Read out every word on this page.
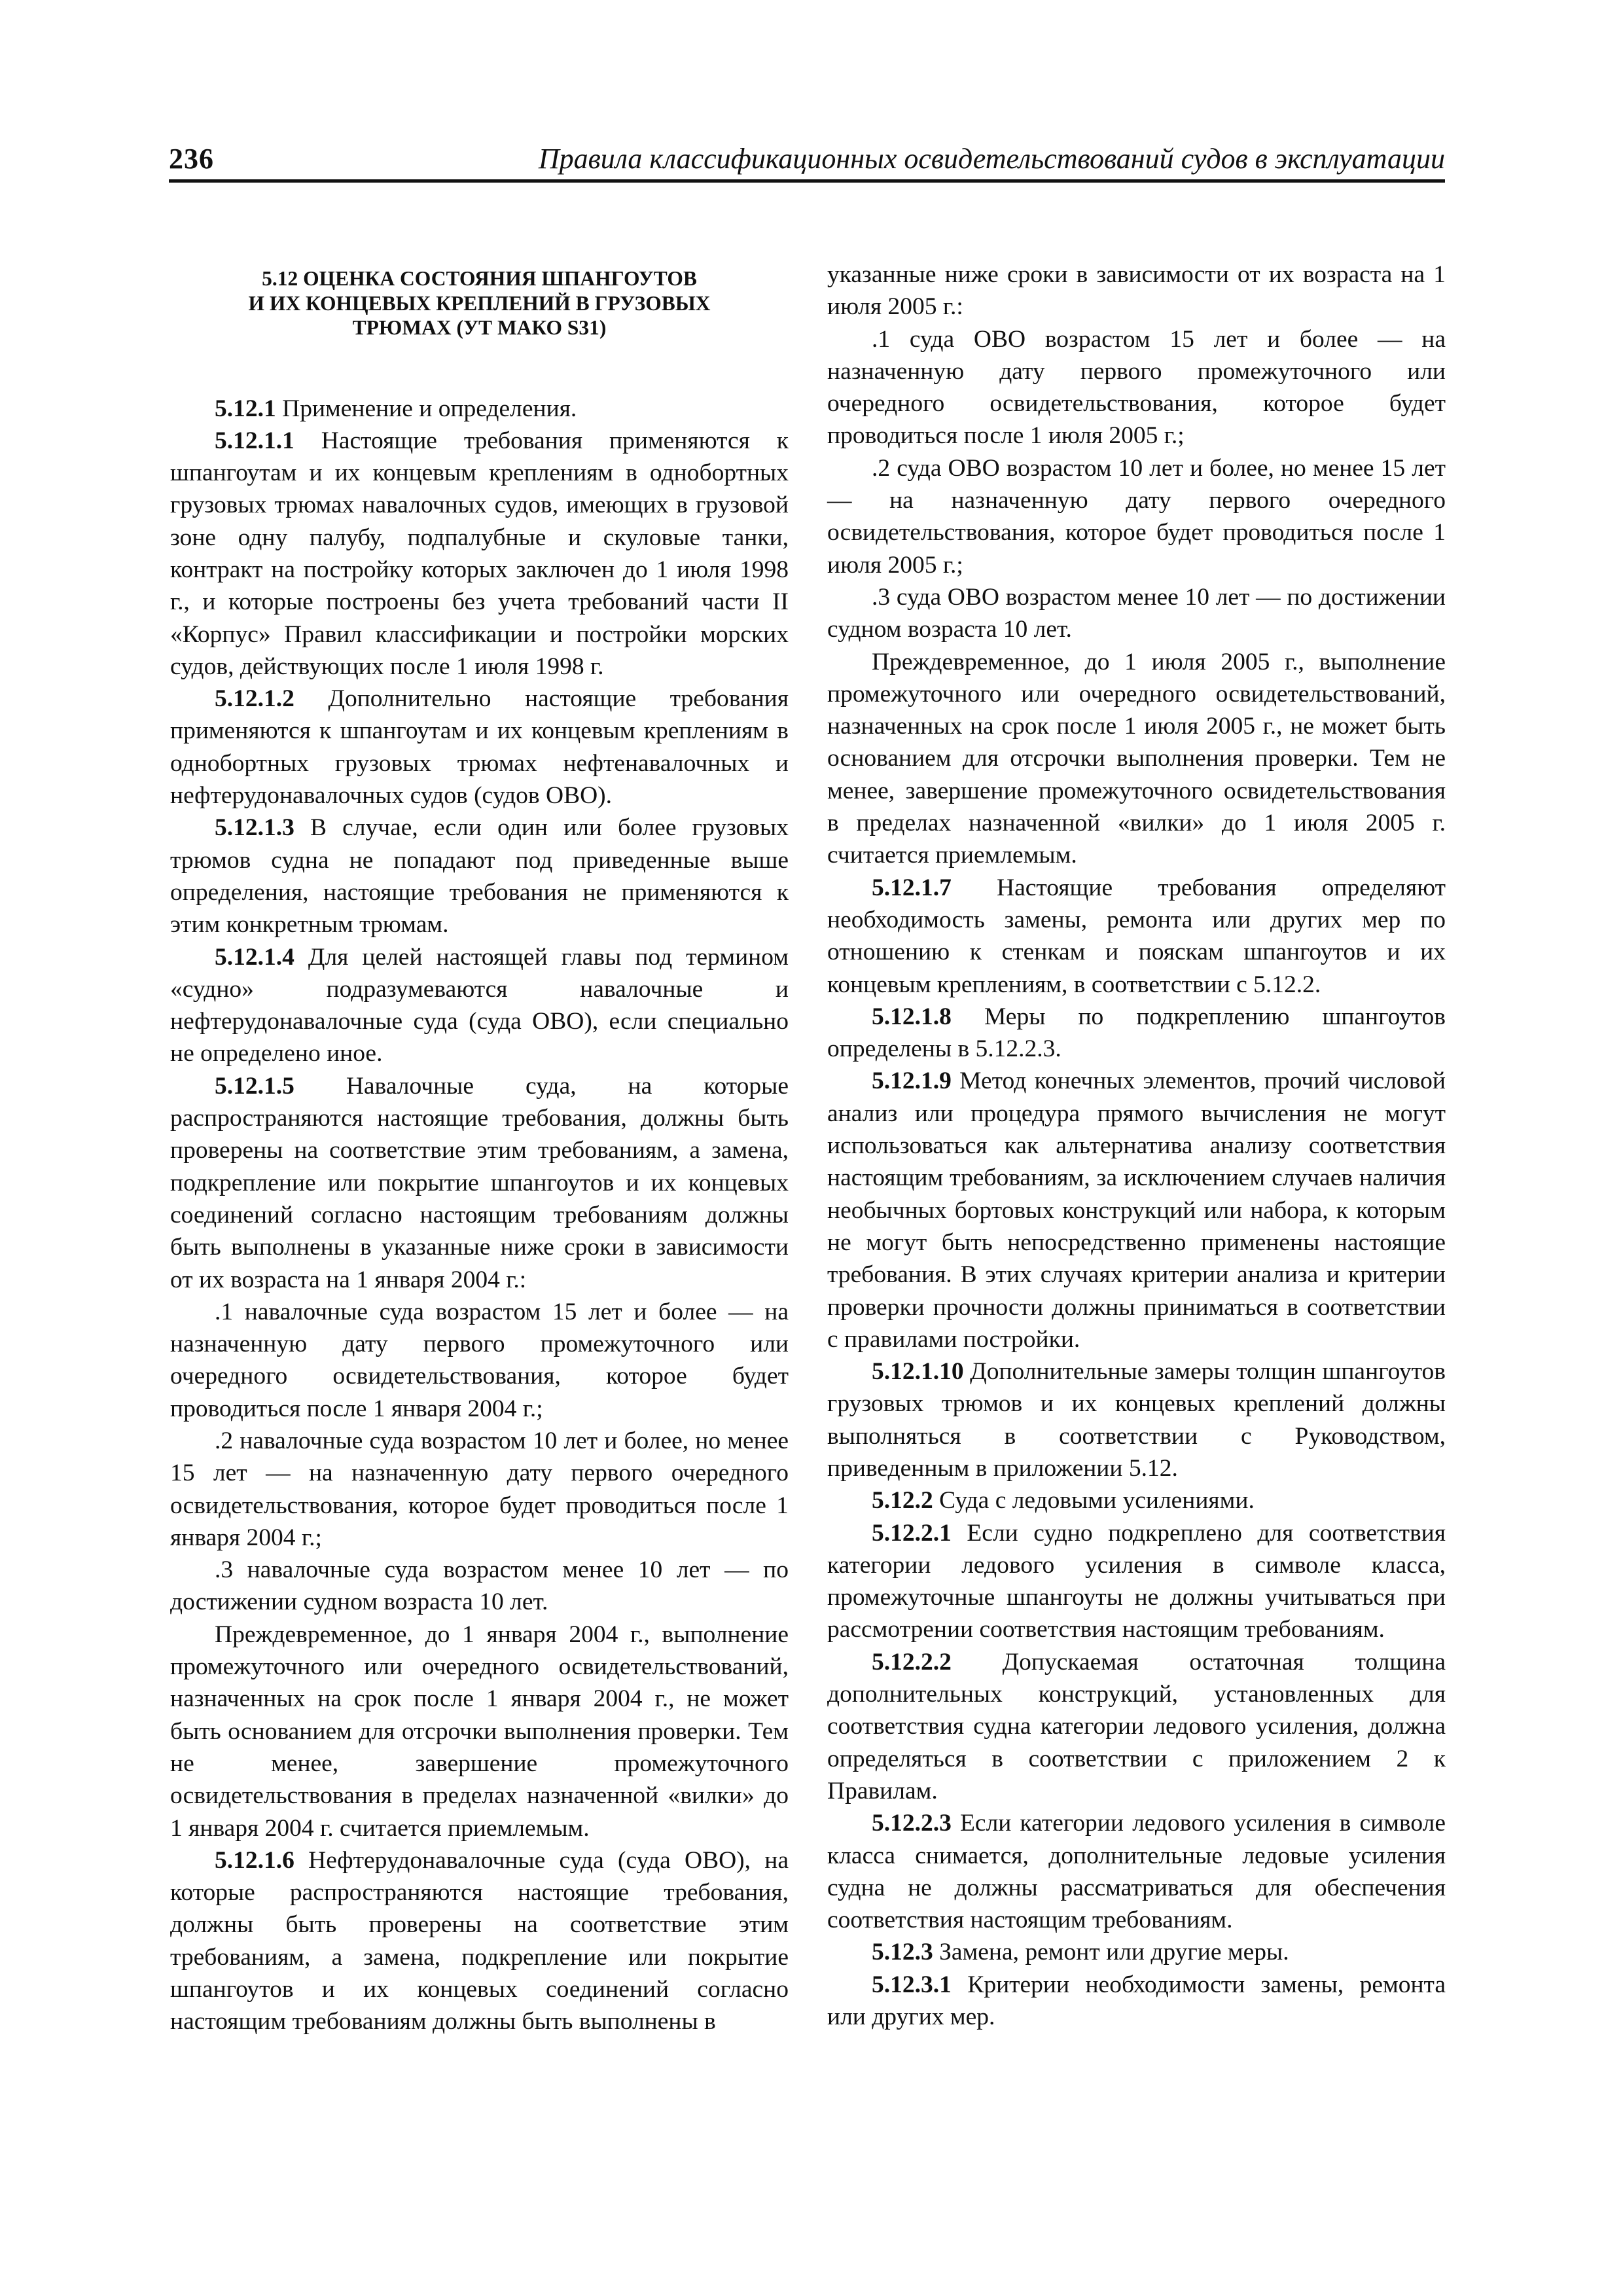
236	Правила классификационных освидетельствований судов в эксплуатации

5.12 ОЦЕНКА СОСТОЯНИЯ ШПАНГОУТОВ
И ИХ КОНЦЕВЫХ КРЕПЛЕНИЙ В ГРУЗОВЫХ
ТРЮМАХ (УТ МАКО S31)

5.12.1 Применение и определения.

5.12.1.1 Настоящие требования применяются к шпангоутам и их концевым креплениям в однобортных грузовых трюмах навалочных судов, имеющих в грузовой зоне одну палубу, подпалубные и скуловые танки, контракт на постройку которых заключен до 1 июля 1998 г., и которые построены без учета требований части II «Корпус» Правил классификации и постройки морских судов, действующих после 1 июля 1998 г.

5.12.1.2 Дополнительно настоящие требования применяются к шпангоутам и их концевым креплениям в однобортных грузовых трюмах нефтенавалочных и нефтерудонавалочных судов (судов OBO).

5.12.1.3 В случае, если один или более грузовых трюмов судна не попадают под приведенные выше определения, настоящие требования не применяются к этим конкретным трюмам.

5.12.1.4 Для целей настоящей главы под термином «судно» подразумеваются навалочные и нефтерудонавалочные суда (суда OBO), если специально не определено иное.

5.12.1.5 Навалочные суда, на которые распространяются настоящие требования, должны быть проверены на соответствие этим требованиям, а замена, подкрепление или покрытие шпангоутов и их концевых соединений согласно настоящим требованиям должны быть выполнены в указанные ниже сроки в зависимости от их возраста на 1 января 2004 г.:

.1 навалочные суда возрастом 15 лет и более — на назначенную дату первого промежуточного или очередного освидетельствования, которое будет проводиться после 1 января 2004 г.;

.2 навалочные суда возрастом 10 лет и более, но менее 15 лет — на назначенную дату первого очередного освидетельствования, которое будет проводиться после 1 января 2004 г.;

.3 навалочные суда возрастом менее 10 лет — по достижении судном возраста 10 лет.

Преждевременное, до 1 января 2004 г., выполнение промежуточного или очередного освидетельствований, назначенных на срок после 1 января 2004 г., не может быть основанием для отсрочки выполнения проверки. Тем не менее, завершение промежуточного освидетельствования в пределах назначенной «вилки» до 1 января 2004 г. считается приемлемым.

5.12.1.6 Нефтерудонавалочные суда (суда OBO), на которые распространяются настоящие требования, должны быть проверены на соответствие этим требованиям, а замена, подкрепление или покрытие шпангоутов и их концевых соединений согласно настоящим требованиям должны быть выполнены в

указанные ниже сроки в зависимости от их возраста на 1 июля 2005 г.:

.1 суда OBO возрастом 15 лет и более — на назначенную дату первого промежуточного или очередного освидетельствования, которое будет проводиться после 1 июля 2005 г.;

.2 суда OBO возрастом 10 лет и более, но менее 15 лет — на назначенную дату первого очередного освидетельствования, которое будет проводиться после 1 июля 2005 г.;

.3 суда OBO возрастом менее 10 лет — по достижении судном возраста 10 лет.

Преждевременное, до 1 июля 2005 г., выполнение промежуточного или очередного освидетельствований, назначенных на срок после 1 июля 2005 г., не может быть основанием для отсрочки выполнения проверки. Тем не менее, завершение промежуточного освидетельствования в пределах назначенной «вилки» до 1 июля 2005 г. считается приемлемым.

5.12.1.7 Настоящие требования определяют необходимость замены, ремонта или других мер по отношению к стенкам и пояскам шпангоутов и их концевым креплениям, в соответствии с 5.12.2.

5.12.1.8 Меры по подкреплению шпангоутов определены в 5.12.2.3.

5.12.1.9 Метод конечных элементов, прочий числовой анализ или процедура прямого вычисления не могут использоваться как альтернатива анализу соответствия настоящим требованиям, за исключением случаев наличия необычных бортовых конструкций или набора, к которым не могут быть непосредственно применены настоящие требования. В этих случаях критерии анализа и критерии проверки прочности должны приниматься в соответствии с правилами постройки.

5.12.1.10 Дополнительные замеры толщин шпангоутов грузовых трюмов и их концевых креплений должны выполняться в соответствии с Руководством, приведенным в приложении 5.12.

5.12.2 Суда с ледовыми усилениями.

5.12.2.1 Если судно подкреплено для соответствия категории ледового усиления в символе класса, промежуточные шпангоуты не должны учитываться при рассмотрении соответствия настоящим требованиям.

5.12.2.2 Допускаемая остаточная толщина дополнительных конструкций, установленных для соответствия судна категории ледового усиления, должна определяться в соответствии с приложением 2 к Правилам.

5.12.2.3 Если категории ледового усиления в символе класса снимается, дополнительные ледовые усиления судна не должны рассматриваться для обеспечения соответствия настоящим требованиям.

5.12.3 Замена, ремонт или другие меры.

5.12.3.1 Критерии необходимости замены, ремонта или других мер.
